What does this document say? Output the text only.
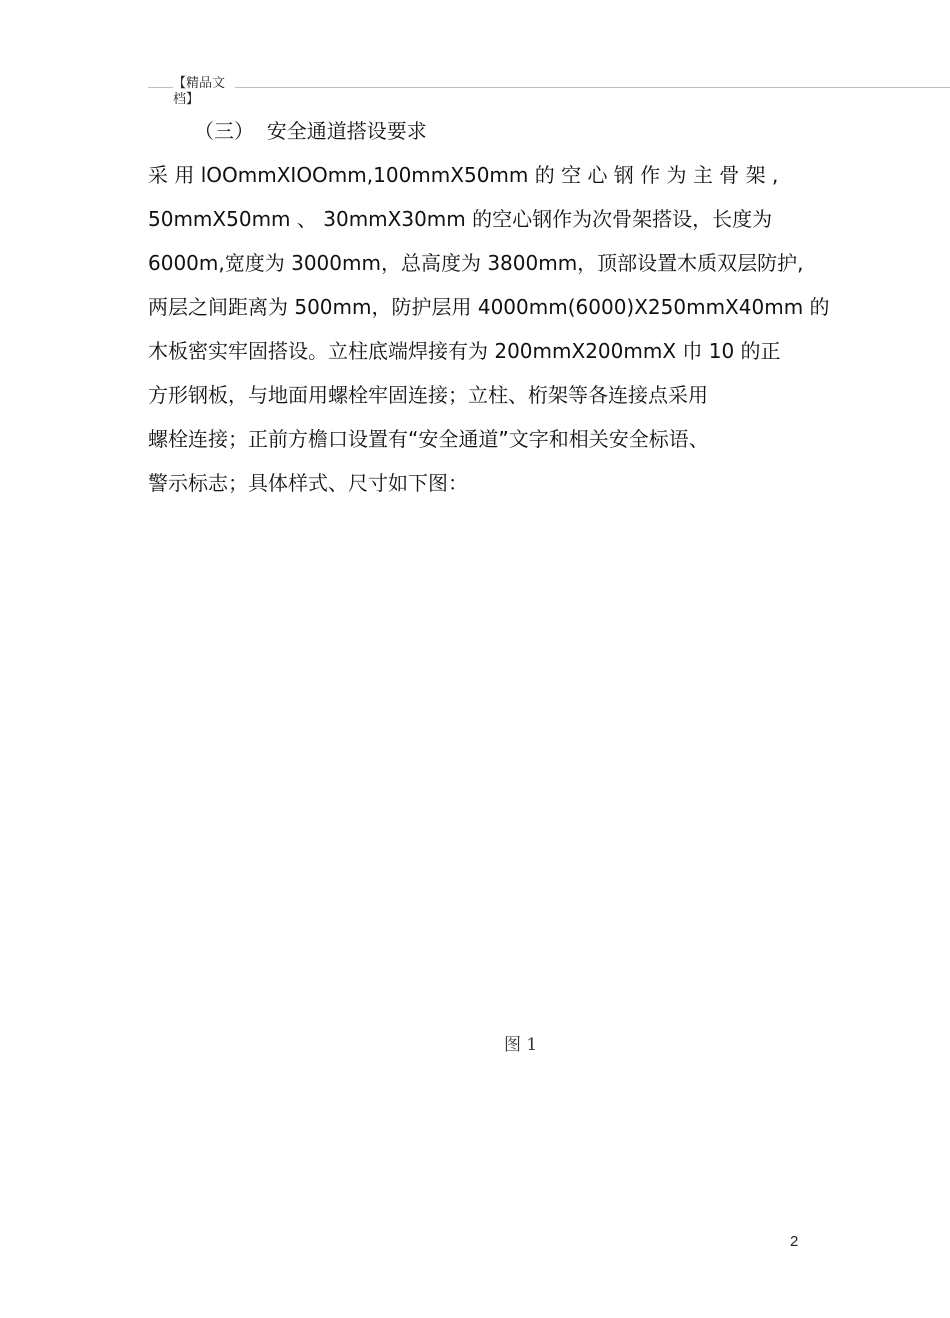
【精品文档】
（三）  安全通道搭设要求
采 用 lOOmmXIOOmm,100mmX50mm 的 空 心 钢 作 为 主 骨 架 ,
50mmX50mm 、 30mmX30mm 的空心钢作为次骨架搭设，长度为
6000m,宽度为 3000mm，总高度为 3800mm，顶部设置木质双层防护,
两层之间距离为 500mm，防护层用 4000mm(6000)X250mmX40mm 的
木板密实牢固搭设。立柱底端焊接有为 200mmX200mmX 巾 10 的正
方形钢板，与地面用螺栓牢固连接；立柱、桁架等各连接点采用
螺栓连接；正前方檐口设置有“安全通道”文字和相关安全标语、
警示标志；具体样式、尺寸如下图：
图 1
2
